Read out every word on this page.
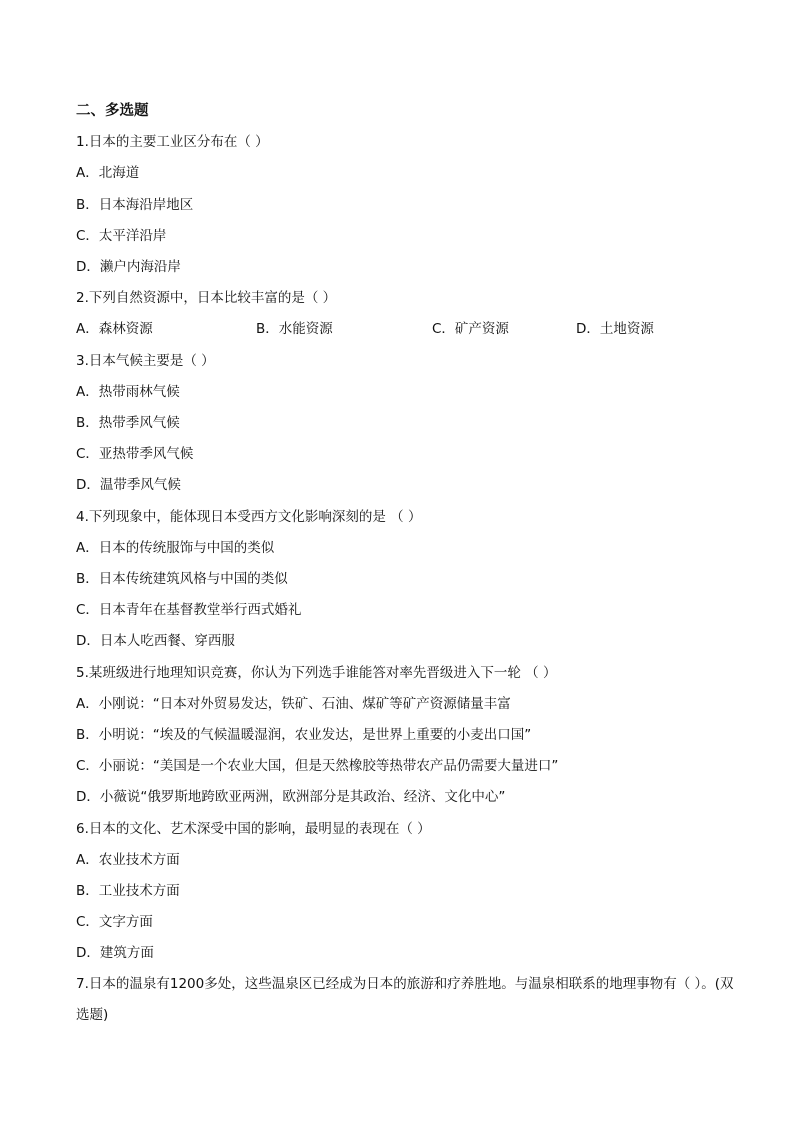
二、多选题
1.日本的主要工业区分布在（ ）
A．北海道
B．日本海沿岸地区
C．太平洋沿岸
D．濑户内海沿岸
2.下列自然资源中，日本比较丰富的是（ ）
A．森林资源	B．水能资源	C．矿产资源	D．土地资源
3.日本气候主要是（ ）
A．热带雨林气候
B．热带季风气候
C．亚热带季风气候
D．温带季风气候
4.下列现象中，能体现日本受西方文化影响深刻的是 （ ）
A．日本的传统服饰与中国的类似
B．日本传统建筑风格与中国的类似
C．日本青年在基督教堂举行西式婚礼
D．日本人吃西餐、穿西服
5.某班级进行地理知识竞赛，你认为下列选手谁能答对率先晋级进入下一轮 （ ）
A．小刚说：“日本对外贸易发达，铁矿、石油、煤矿等矿产资源储量丰富
B．小明说：“埃及的气候温暖湿润，农业发达，是世界上重要的小麦出口国”
C．小丽说：“美国是一个农业大国，但是天然橡胶等热带农产品仍需要大量进口”
D．小薇说“俄罗斯地跨欧亚两洲，欧洲部分是其政治、经济、文化中心”
6.日本的文化、艺术深受中国的影响，最明显的表现在（ ）
A．农业技术方面
B．工业技术方面
C．文字方面
D．建筑方面
7.日本的温泉有1200多处，这些温泉区已经成为日本的旅游和疗养胜地。与温泉相联系的地理事物有（ ）。(双选题)
